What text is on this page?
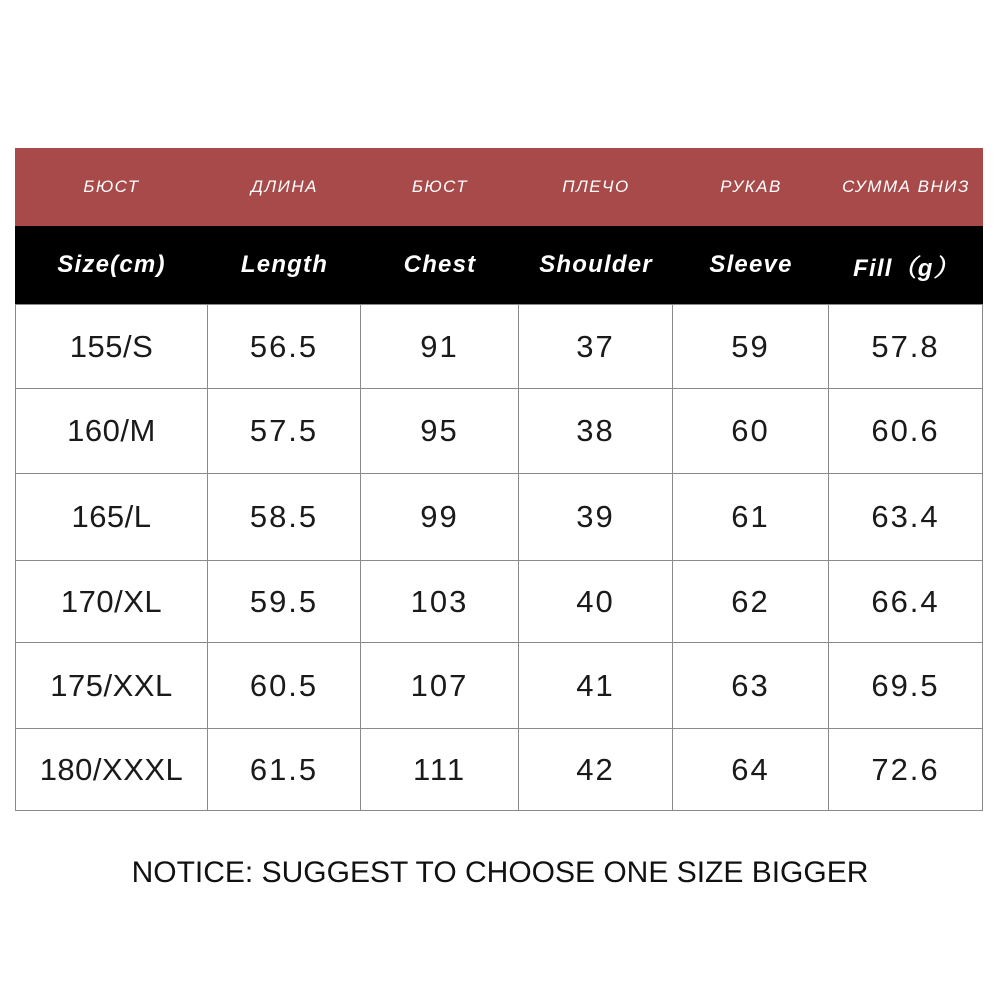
БЮСТ	ДЛИНА	БЮСТ	ПЛЕЧО	РУКАВ	СУММА ВНИЗ
Size(cm)	Length	Chest	Shoulder	Sleeve	Fill（g）
155/S	56.5	91	37	59	57.8
160/M	57.5	95	38	60	60.6
165/L	58.5	99	39	61	63.4
170/XL	59.5	103	40	62	66.4
175/XXL	60.5	107	41	63	69.5
180/XXXL	61.5	111	42	64	72.6
NOTICE: SUGGEST TO CHOOSE ONE SIZE BIGGER
